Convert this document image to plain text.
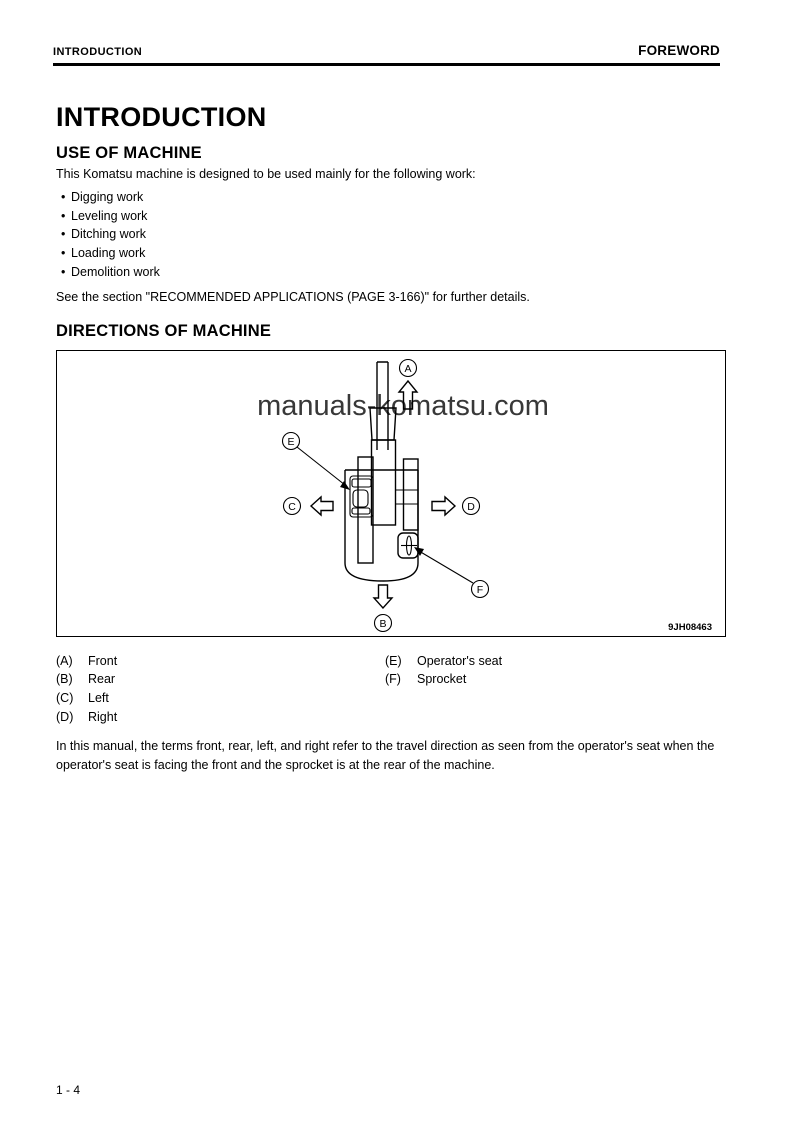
INTRODUCTION	FOREWORD
INTRODUCTION
USE OF MACHINE

This Komatsu machine is designed to be used mainly for the following work:

• Digging work
• Leveling work
• Ditching work
• Loading work
• Demolition work

See the section "RECOMMENDED APPLICATIONS (PAGE 3-166)" for further details.

DIRECTIONS OF MACHINE
manuals-komatsu.com
A
B
C	D
E
F
9JH08463
(A)	Front
(B)	Rear
(C)	Left
(D)	Right
(E)	Operator's seat
(F)	Sprocket

In this manual, the terms front, rear, left, and right refer to the travel direction as seen from the operator's seat when the operator's seat is facing the front and the sprocket is at the rear of the machine.

1 - 4
